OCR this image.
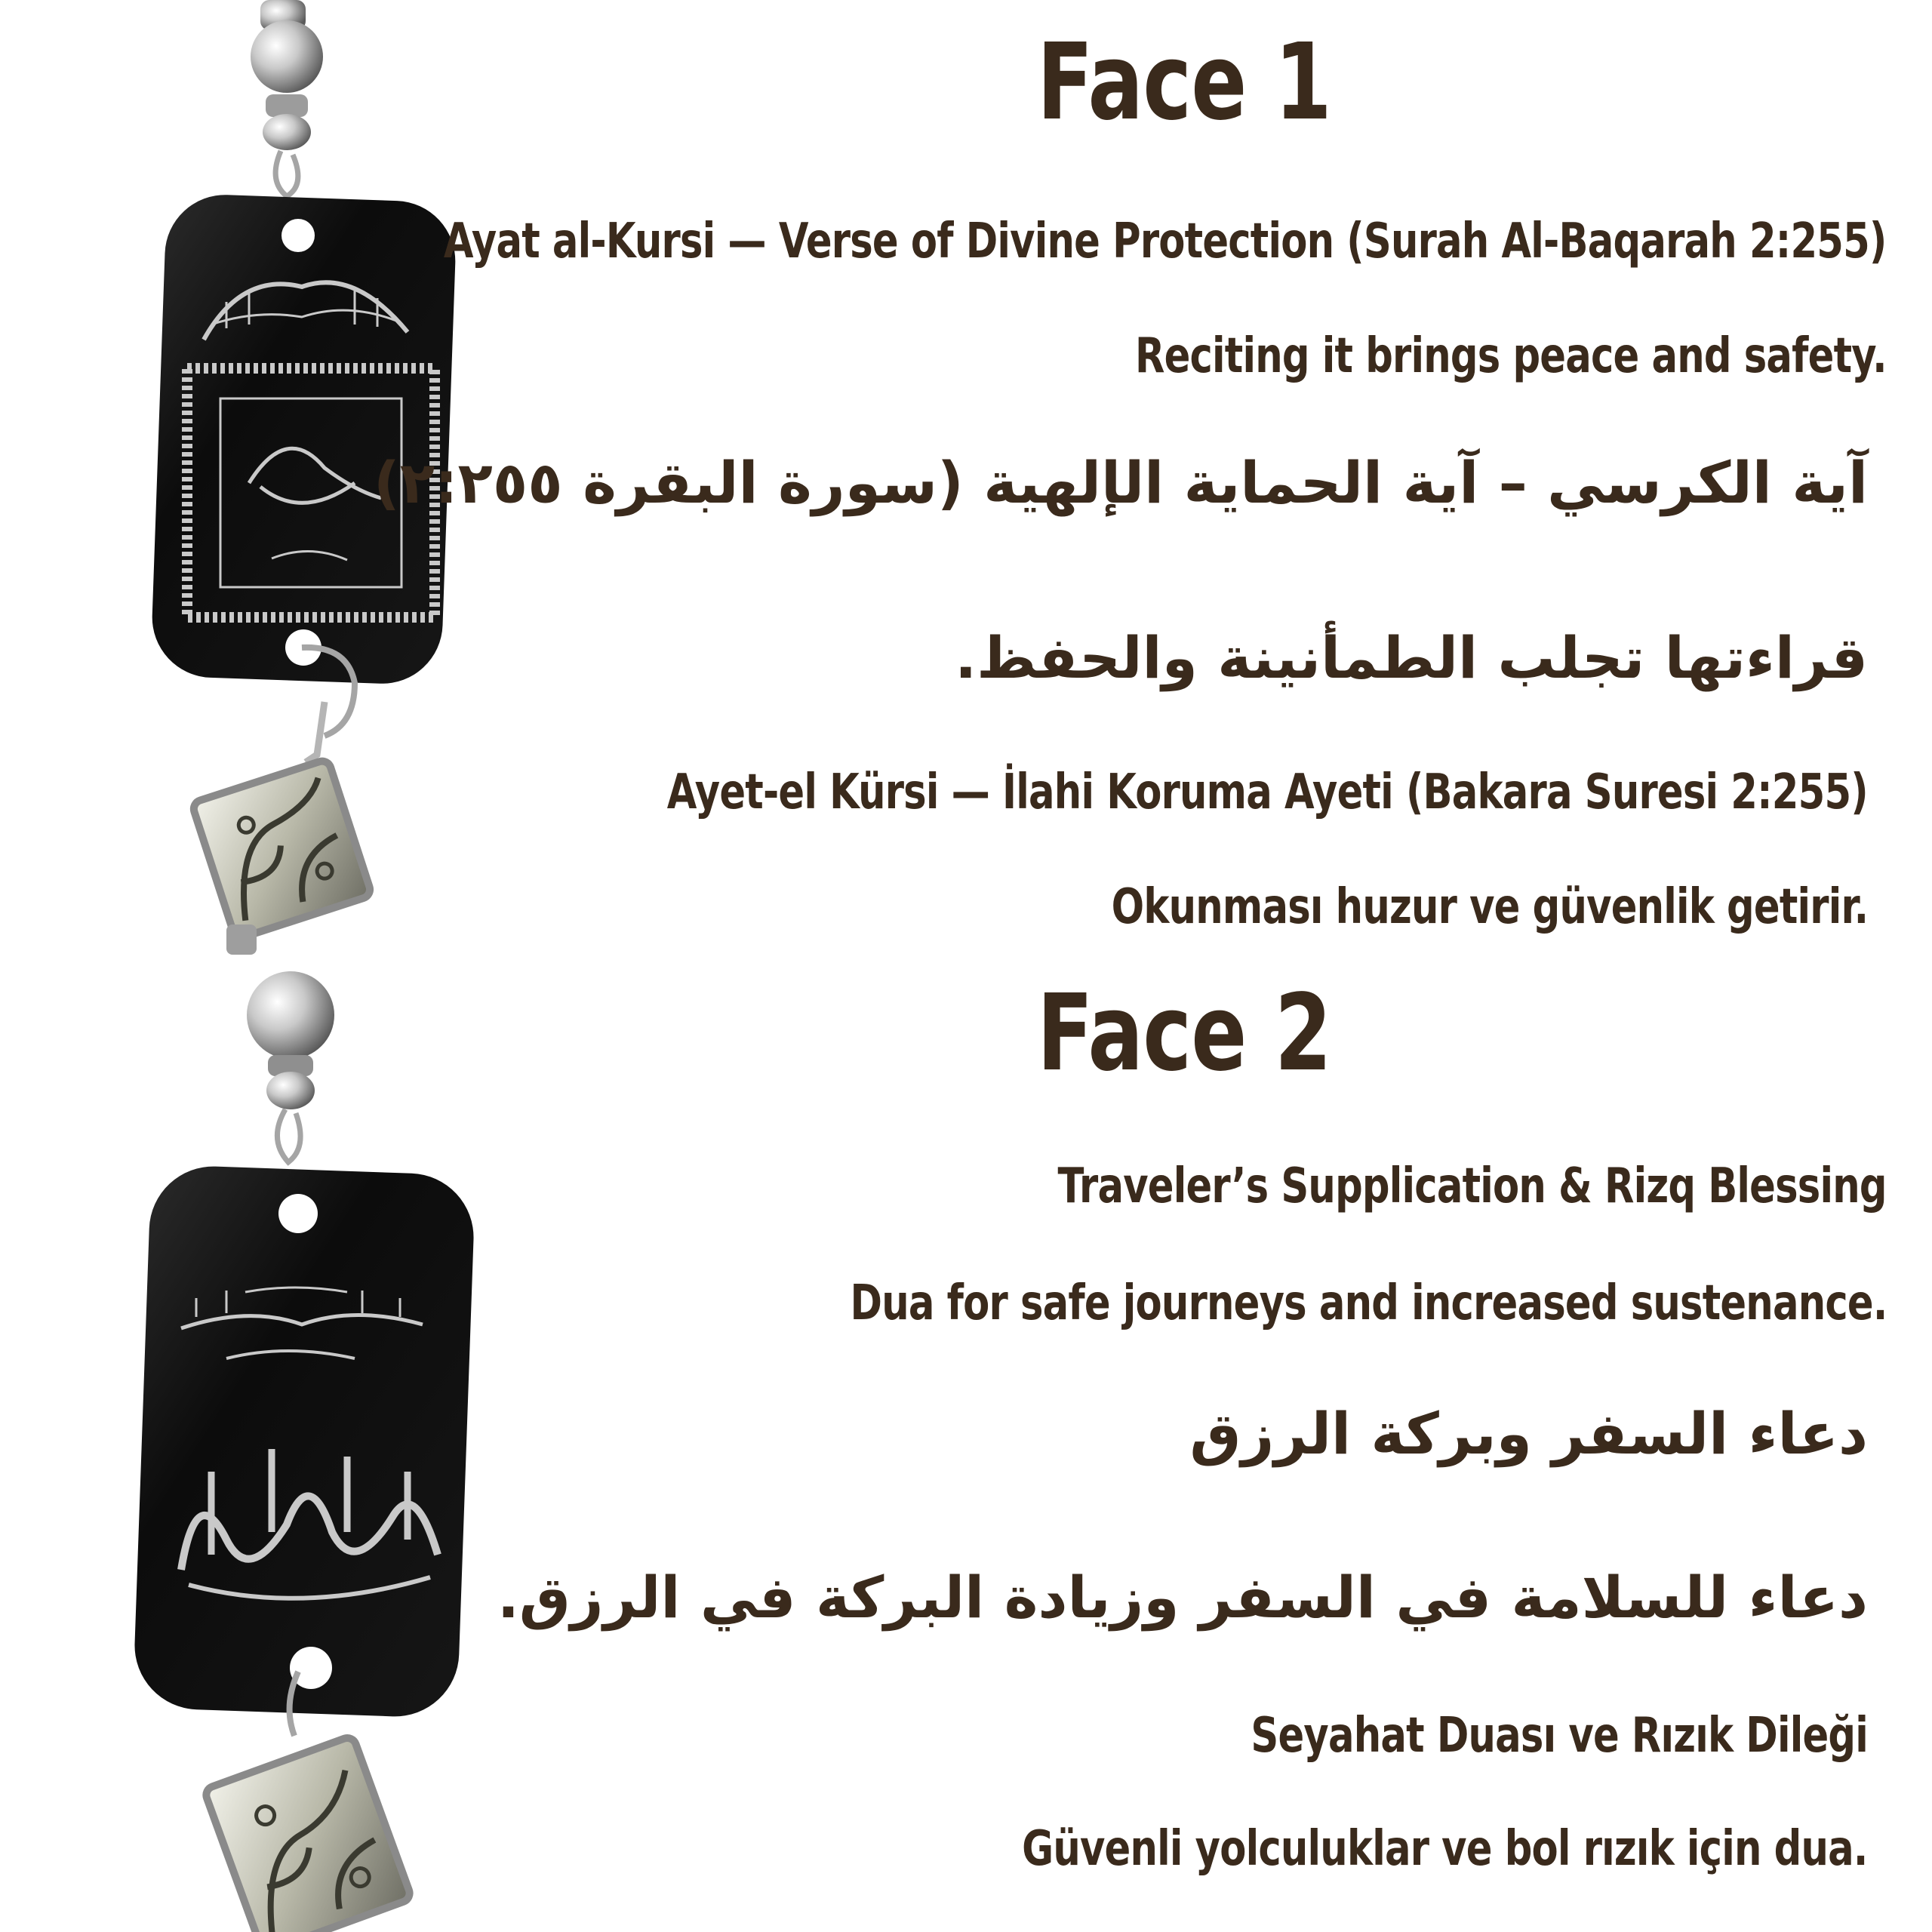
Face 1

Ayat al-Kursi — Verse of Divine Protection (Surah Al-Baqarah 2:255)

Reciting it brings peace and safety.

آية الكرسي – آية الحماية الإلهية (سورة البقرة ٢:٢٥٥)

قراءتها تجلب الطمأنينة والحفظ.

Ayet-el Kürsi — İlahi Koruma Ayeti (Bakara Suresi 2:255)

Okunması huzur ve güvenlik getirir.

Face 2

Traveler’s Supplication & Rizq Blessing

Dua for safe journeys and increased sustenance.

دعاء السفر وبركة الرزق

دعاء للسلامة في السفر وزيادة البركة في الرزق.

Seyahat Duası ve Rızık Dileği

Güvenli yolculuklar ve bol rızık için dua.
